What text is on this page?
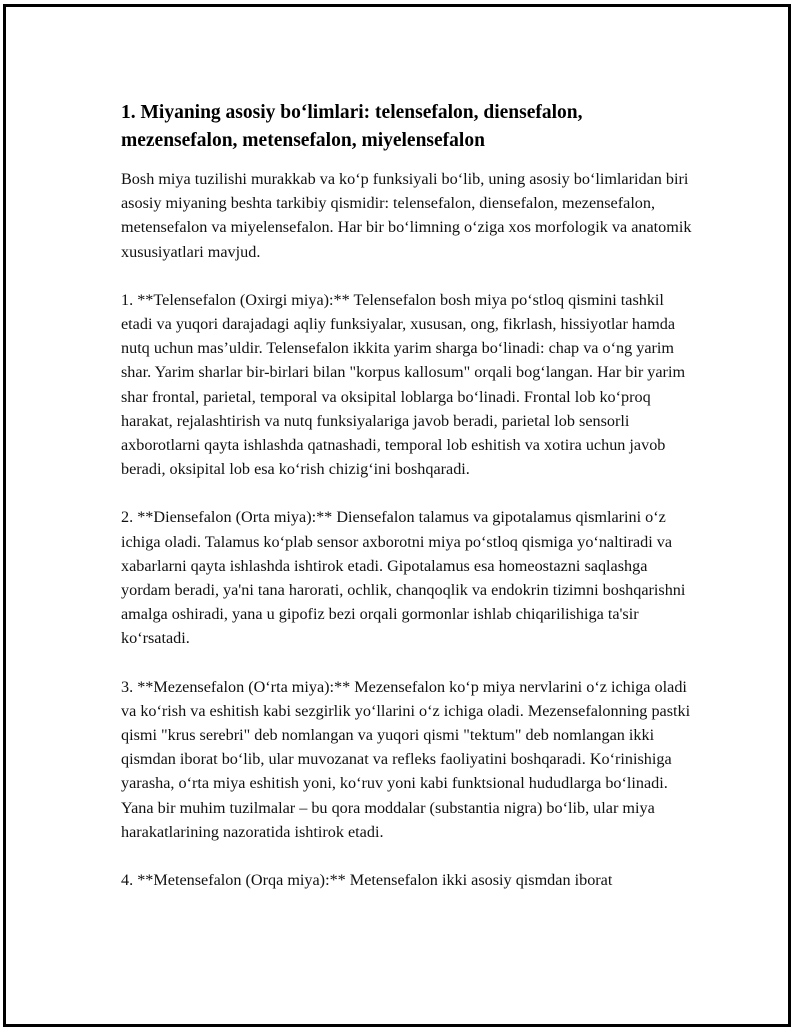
1. Miyaning asosiy bo‘limlari: telensefalon, diensefalon, mezensefalon, metensefalon, miyelensefalon

Bosh miya tuzilishi murakkab va ko‘p funksiyali bo‘lib, uning asosiy bo‘limlaridan biri asosiy miyaning beshta tarkibiy qismidir: telensefalon, diensefalon, mezensefalon, metensefalon va miyelensefalon. Har bir bo‘limning o‘ziga xos morfologik va anatomik xususiyatlari mavjud.

1. **Telensefalon (Oxirgi miya):** Telensefalon bosh miya po‘stloq qismini tashkil etadi va yuqori darajadagi aqliy funksiyalar, xususan, ong, fikrlash, hissiyotlar hamda nutq uchun mas’uldir. Telensefalon ikkita yarim sharga bo‘linadi: chap va o‘ng yarim shar. Yarim sharlar bir-birlari bilan "korpus kallosum" orqali bog‘langan. Har bir yarim shar frontal, parietal, temporal va oksipital loblarga bo‘linadi. Frontal lob ko‘proq harakat, rejalashtirish va nutq funksiyalariga javob beradi, parietal lob sensorli axborotlarni qayta ishlashda qatnashadi, temporal lob eshitish va xotira uchun javob beradi, oksipital lob esa ko‘rish chizig‘ini boshqaradi.

2. **Diensefalon (Orta miya):** Diensefalon talamus va gipotalamus qismlarini o‘z ichiga oladi. Talamus ko‘plab sensor axborotni miya po‘stloq qismiga yo‘naltiradi va xabarlarni qayta ishlashda ishtirok etadi. Gipotalamus esa homeostazni saqlashga yordam beradi, ya'ni tana harorati, ochlik, chanqoqlik va endokrin tizimni boshqarishni amalga oshiradi, yana u gipofiz bezi orqali gormonlar ishlab chiqarilishiga ta'sir ko‘rsatadi.

3. **Mezensefalon (O‘rta miya):** Mezensefalon ko‘p miya nervlarini o‘z ichiga oladi va ko‘rish va eshitish kabi sezgirlik yo‘llarini o‘z ichiga oladi. Mezensefalonning pastki qismi "krus serebri" deb nomlangan va yuqori qismi "tektum" deb nomlangan ikki qismdan iborat bo‘lib, ular muvozanat va refleks faoliyatini boshqaradi. Ko‘rinishiga yarasha, o‘rta miya eshitish yoni, ko‘ruv yoni kabi funktsional hududlarga bo‘linadi. Yana bir muhim tuzilmalar – bu qora moddalar (substantia nigra) bo‘lib, ular miya harakatlarining nazoratida ishtirok etadi.

4. **Metensefalon (Orqa miya):** Metensefalon ikki asosiy qismdan iborat
